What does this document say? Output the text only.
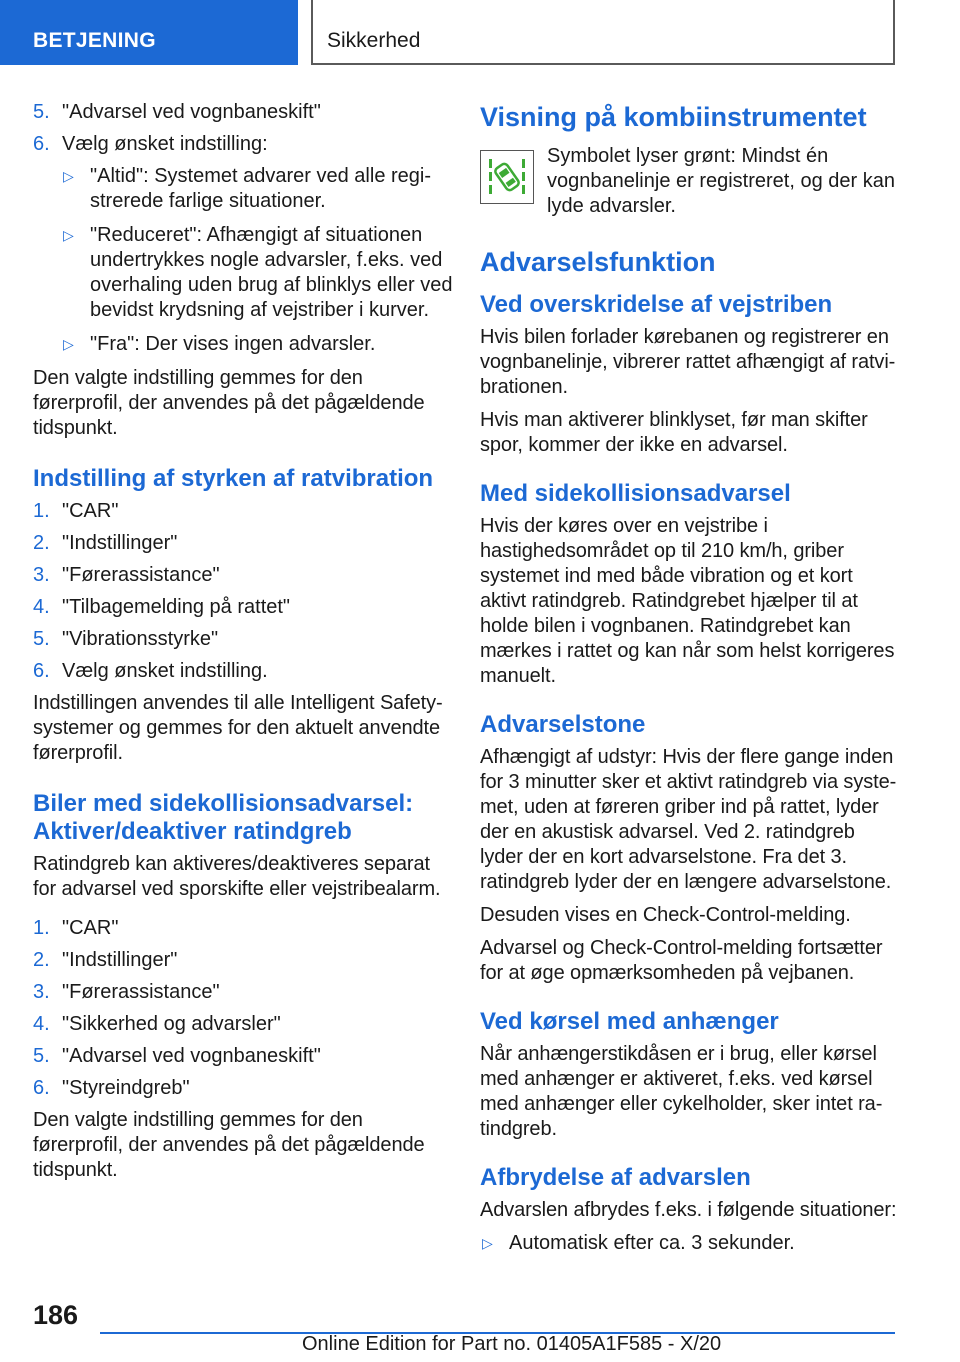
BETJENING	Sikkerhed
5. "Advarsel ved vognbaneskift"
6. Vælg ønsket indstilling:
▷ "Altid": Systemet advarer ved alle registrerede farlige situationer.
▷ "Reduceret": Afhængigt af situationen undertrykkes nogle advarsler, f.eks. ved overhaling uden brug af blinklys eller ved bevidst krydsning af vejstriber i kurver.
▷ "Fra": Der vises ingen advarsler.

Den valgte indstilling gemmes for den førerprofil, der anvendes på det pågældende tidspunkt.

Indstilling af styrken af ratvibration
1. "CAR"
2. "Indstillinger"
3. "Førerassistance"
4. "Tilbagemelding på rattet"
5. "Vibrationsstyrke"
6. Vælg ønsket indstilling.

Indstillingen anvendes til alle Intelligent Safety-systemer og gemmes for den aktuelt anvendte førerprofil.

Biler med sidekollisionsadvarsel: Aktiver/deaktiver ratindgreb

Ratindgreb kan aktiveres/deaktiveres separat for advarsel ved sporskifte eller vejstribealarm.

1. "CAR"
2. "Indstillinger"
3. "Førerassistance"
4. "Sikkerhed og advarsler"
5. "Advarsel ved vognbaneskift"
6. "Styreindgreb"

Den valgte indstilling gemmes for den førerprofil, der anvendes på det pågældende tidspunkt.

Visning på kombiinstrumentet
Symbolet lyser grønt: Mindst én vognbanelinje er registreret, og der kan lyde advarsler.
Advarselsfunktion
Ved overskridelse af vejstriben

Hvis bilen forlader kørebanen og registrerer en vognbanelinje, vibrerer rattet afhængigt af ratvibrationen.

Hvis man aktiverer blinklyset, før man skifter spor, kommer der ikke en advarsel.

Med sidekollisionsadvarsel

Hvis der køres over en vejstribe i hastighedsområdet op til 210 km/h, griber systemet ind med både vibration og et kort aktivt ratindgreb. Ratindgrebet hjælper til at holde bilen i vognbanen. Ratindgrebet kan mærkes i rattet og kan når som helst korrigeres manuelt.

Advarselstone

Afhængigt af udstyr: Hvis der flere gange inden for 3 minutter sker et aktivt ratindgreb via systemet, uden at føreren griber ind på rattet, lyder der en akustisk advarsel. Ved 2. ratindgreb lyder der en kort advarselstone. Fra det 3. ratindgreb lyder der en længere advarselstone.

Desuden vises en Check-Control-melding.

Advarsel og Check-Control-melding fortsætter for at øge opmærksomheden på vejbanen.

Ved kørsel med anhænger

Når anhængerstikdåsen er i brug, eller kørsel med anhænger er aktiveret, f.eks. ved kørsel med anhænger eller cykelholder, sker intet ratindgreb.

Afbrydelse af advarslen

Advarslen afbrydes f.eks. i følgende situationer:

▷ Automatisk efter ca. 3 sekunder.
186
Online Edition for Part no. 01405A1F585 - X/20
